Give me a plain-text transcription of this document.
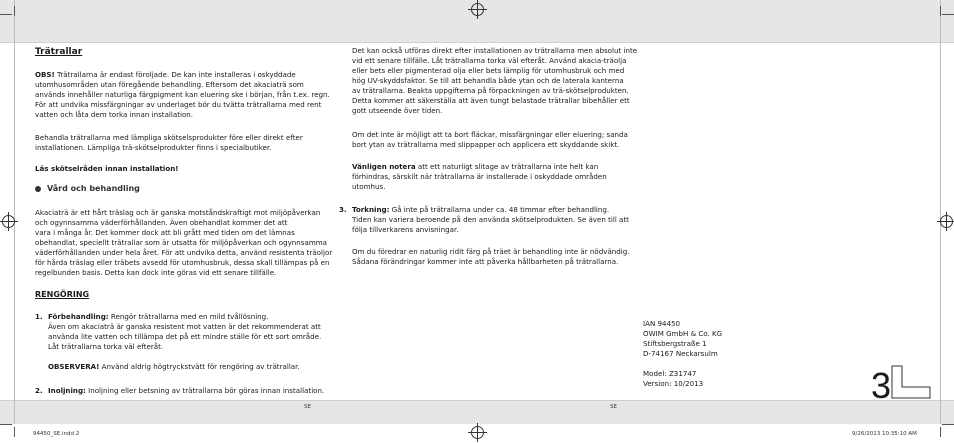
Trätrallar
OBS! Trätrallarna är endast föroljade. De kan inte installeras i oskyddade
utomhusområden utan föregående behandling. Eftersom det akaciaträ som
används innehåller naturliga färgpigment kan eluering ske i början, från t.ex. regn.
För att undvika missfärgningar av underlaget bör du tvätta trätrallarna med rent
vatten och låta dem torka innan installation.
Behandla trätrallarna med lämpliga skötselsprodukter före eller direkt efter
installationen. Lämpliga trä-skötselprodukter finns i specialbutiker.
Läs skötselråden innan installation!
Vård och behandling
Akaciaträ är ett hårt träslag och är ganska motståndskraftigt mot miljöpåverkan
och ogynnsamma väderförhållanden. Även obehandlat kommer det att
vara i många år. Det kommer dock att bli grått med tiden om det lämnas
obehandlat, speciellt trätrallar som är utsatta för miljöpåverkan och ogynnsamma
väderförhållanden under hela året. För att undvika detta, använd resistenta träoljor
för hårda träslag eller träbets avsedd för utomhusbruk, dessa skall tillämpas på en
regelbunden basis. Detta kan dock inte göras vid ett senare tillfälle.
RENGÖRING
1. Förbehandling: Rengör trätrallarna med en mild tvållösning.
Även om akaciaträ är ganska resistent mot vatten är det rekommenderat att
använda lite vatten och tillämpa det på ett mindre ställe för ett sort område.
Låt trätrallarna torka väl efteråt.
OBSERVERA! Använd aldrig högtryckstvätt för rengöring av trätrallar.
2. Inoljning: Inoljning eller betsning av trätrallarna bör göras innan installation.
Det kan också utföras direkt efter installationen av trätrallarna men absolut inte
vid ett senare tillfälle. Låt trätrallarna torka väl efteråt. Använd akacia-träolja
eller bets eller pigmenterad olja eller bets lämplig för utomhusbruk och med
hög UV-skyddsfaktor. Se till att behandla både ytan och de laterala kanterna
av trätrallarna. Beakta uppgifterna på förpackningen av trä-skötselprodukten.
Detta kommer att säkerställa att även tungt belastade trätrallar bibehåller ett
gott utseende över tiden.
Om det inte är möjligt att ta bort fläckar, missfärgningar eller eluering; sanda
bort ytan av trätrallarna med slippapper och applicera ett skyddande skikt.
Vänligen notera att ett naturligt slitage av trätrallarna inte helt kan
förhindras, särskilt när trätrallarna är installerade i oskyddade områden
utomhus.
3. Torkning: Gå inte på trätrallarna under ca. 48 timmar efter behandling.
Tiden kan variera beroende på den använda skötselprodukten. Se även till att
följa tillverkarens anvisningar.
Om du föredrar en naturlig ridit färg på träet är behandling inte är nödvändig.
Sådana förändringar kommer inte att påverka hållbarheten på trätrallarna.
IAN 94450
OWIM GmbH & Co. KG
Stiftsbergstraße 1
D-74167 Neckarsulm
Model: Z31747
Version: 10/2013	3
SE	SE
94450_SE.indd 2	9/26/2013 10:35:10 AM
